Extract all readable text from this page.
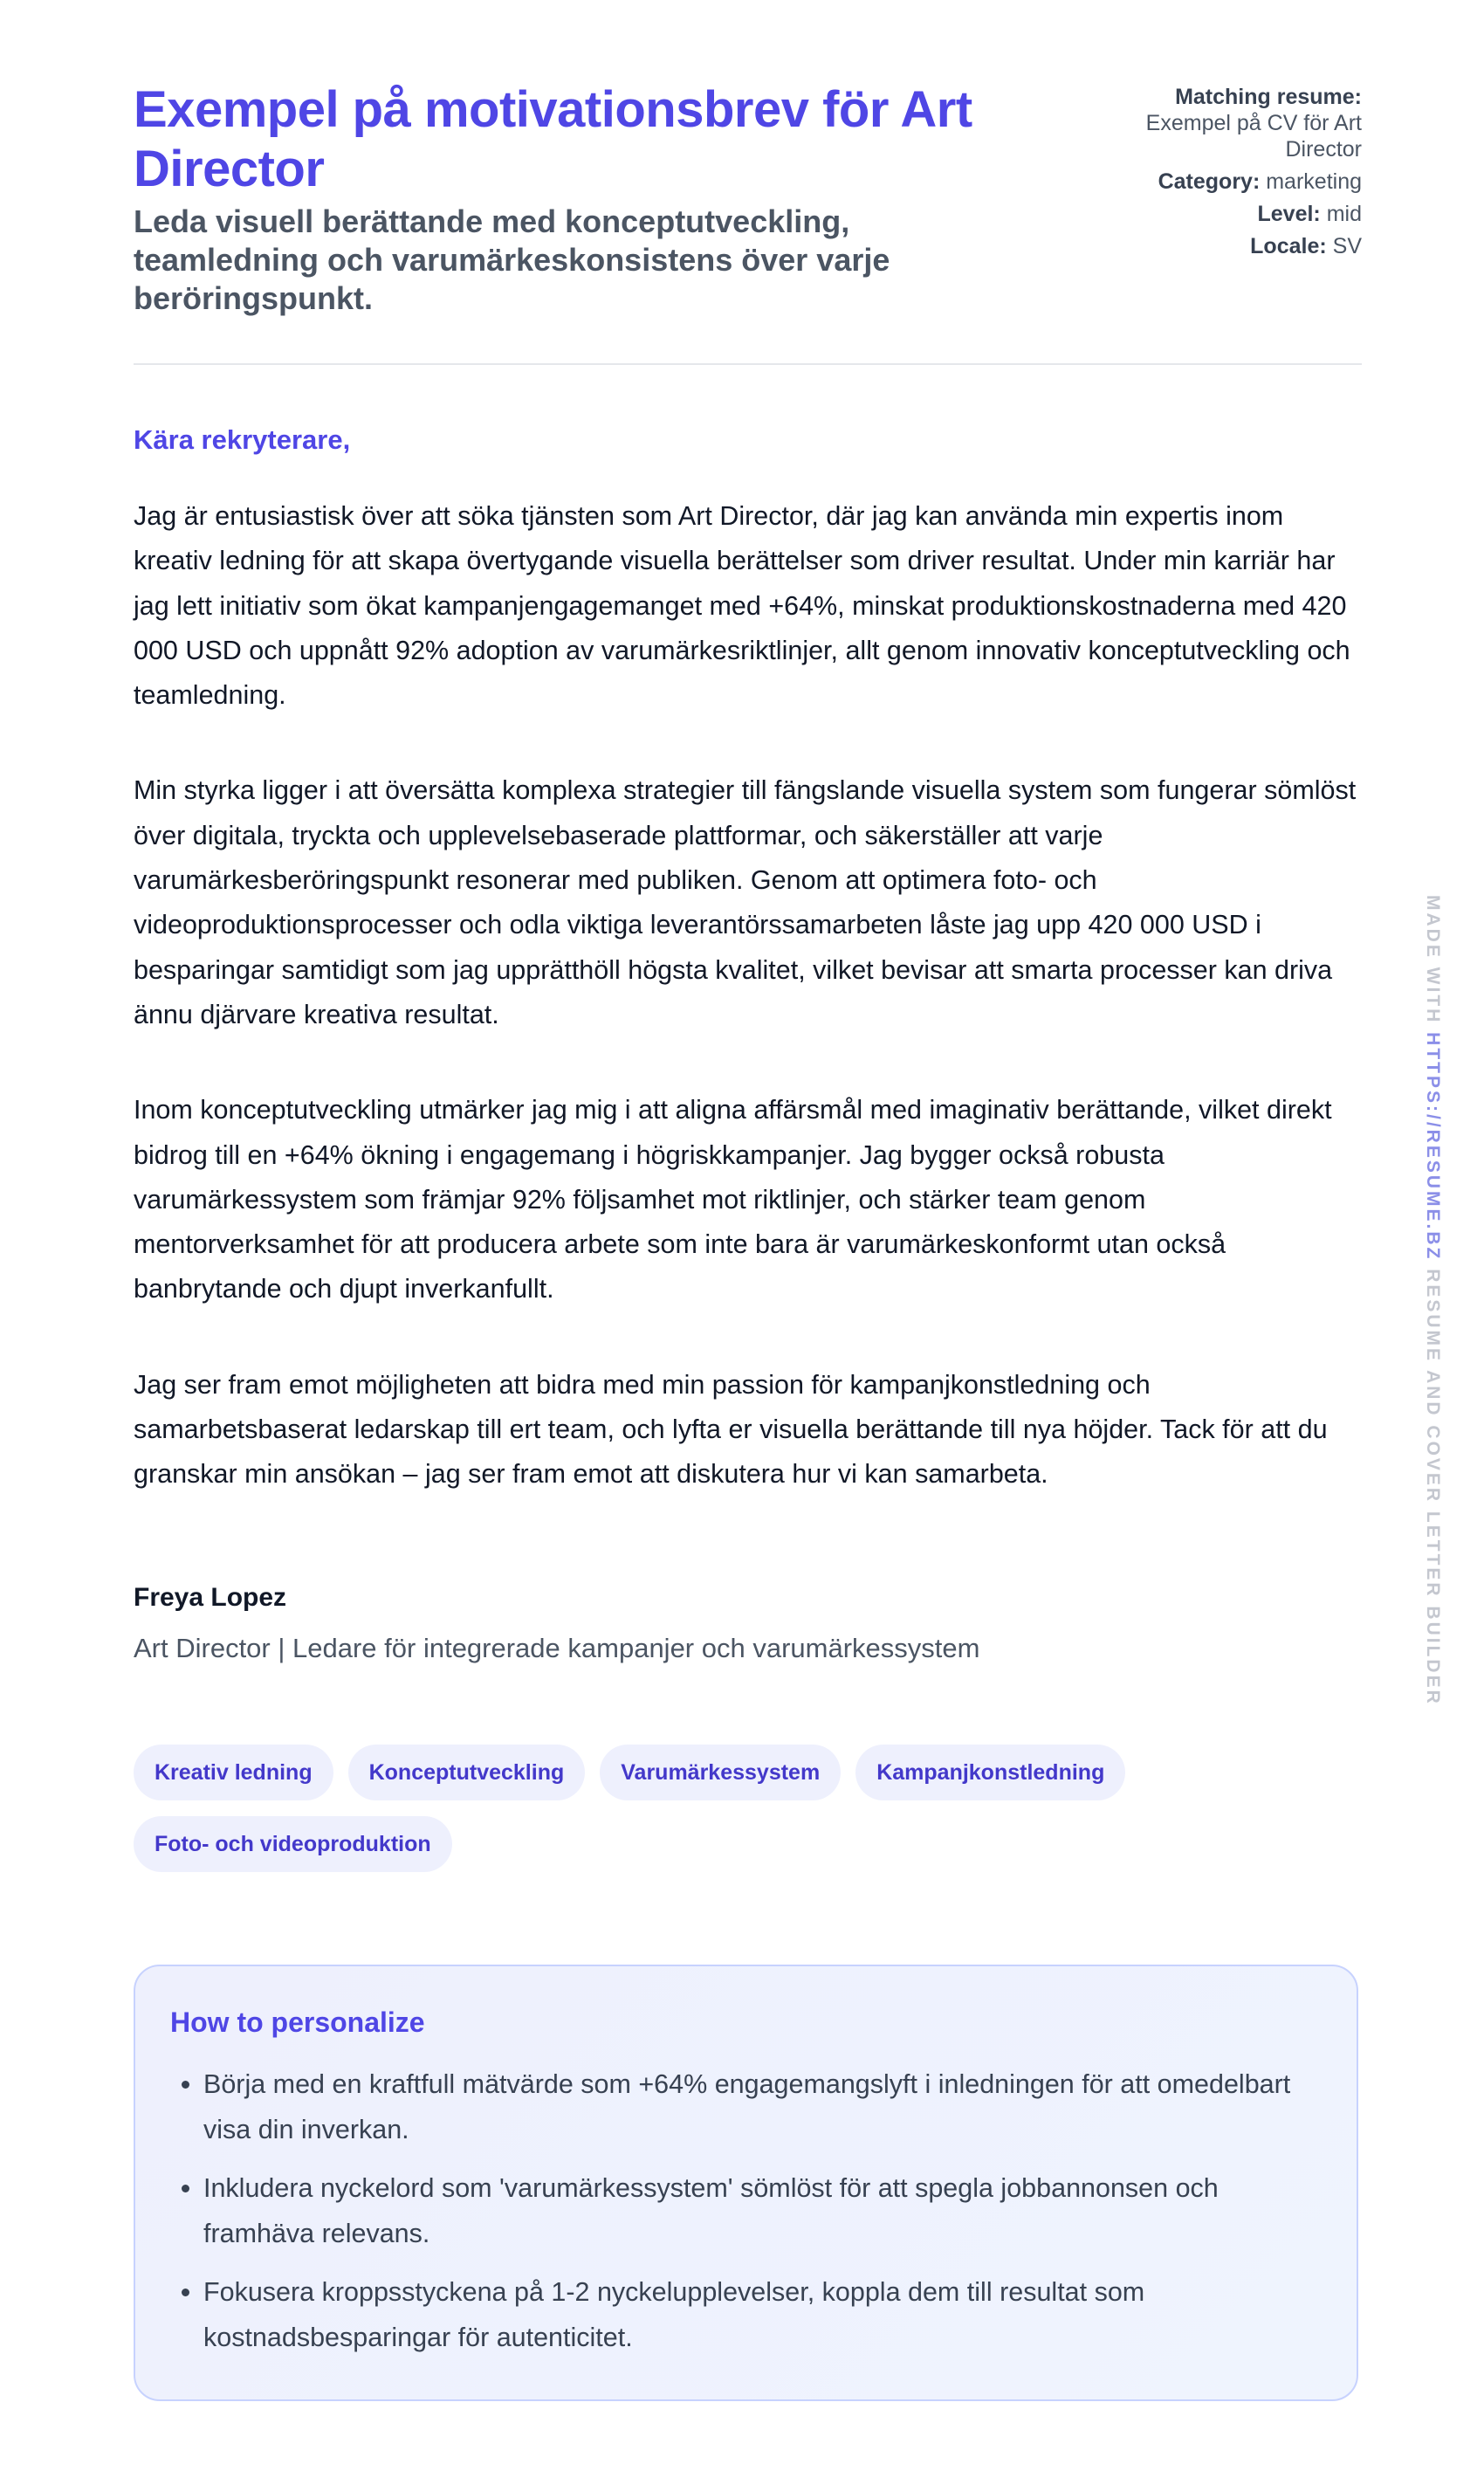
Exempel på motivationsbrev för Art Director
Leda visuell berättande med konceptutveckling, teamledning och varumärkeskonsistens över varje beröringspunkt.
Matching resume:
Exempel på CV för Art Director
Category: marketing
Level: mid
Locale: SV

Kära rekryterare,

Jag är entusiastisk över att söka tjänsten som Art Director, där jag kan använda min expertis inom kreativ ledning för att skapa övertygande visuella berättelser som driver resultat. Under min karriär har jag lett initiativ som ökat kampanjengagemanget med +64%, minskat produktionskostnaderna med 420 000 USD och uppnått 92% adoption av varumärkesriktlinjer, allt genom innovativ konceptutveckling och teamledning.

Min styrka ligger i att översätta komplexa strategier till fängslande visuella system som fungerar sömlöst över digitala, tryckta och upplevelsebaserade plattformar, och säkerställer att varje varumärkesberöringspunkt resonerar med publiken. Genom att optimera foto- och videoproduktionsprocesser och odla viktiga leverantörssamarbeten låste jag upp 420 000 USD i besparingar samtidigt som jag upprätthöll högsta kvalitet, vilket bevisar att smarta processer kan driva ännu djärvare kreativa resultat.

Inom konceptutveckling utmärker jag mig i att aligna affärsmål med imaginativ berättande, vilket direkt bidrog till en +64% ökning i engagemang i högriskkampanjer. Jag bygger också robusta varumärkessystem som främjar 92% följsamhet mot riktlinjer, och stärker team genom mentorverksamhet för att producera arbete som inte bara är varumärkeskonformt utan också banbrytande och djupt inverkanfullt.

Jag ser fram emot möjligheten att bidra med min passion för kampanjkonstledning och samarbetsbaserat ledarskap till ert team, och lyfta er visuella berättande till nya höjder. Tack för att du granskar min ansökan – jag ser fram emot att diskutera hur vi kan samarbeta.

Freya Lopez

Art Director | Ledare för integrerade kampanjer och varumärkessystem

Kreativ ledning	Konceptutveckling	Varumärkessystem	Kampanjkonstledning
Foto- och videoproduktion
How to personalize
• Börja med en kraftfull mätvärde som +64% engagemangslyft i inledningen för att omedelbart visa din inverkan.
• Inkludera nyckelord som 'varumärkessystem' sömlöst för att spegla jobbannonsen och framhäva relevans.
• Fokusera kroppsstyckena på 1-2 nyckelupplevelser, koppla dem till resultat som kostnadsbesparingar för autenticitet.
MADE WITH HTTPS://RESUME.BZ RESUME AND COVER LETTER BUILDER
